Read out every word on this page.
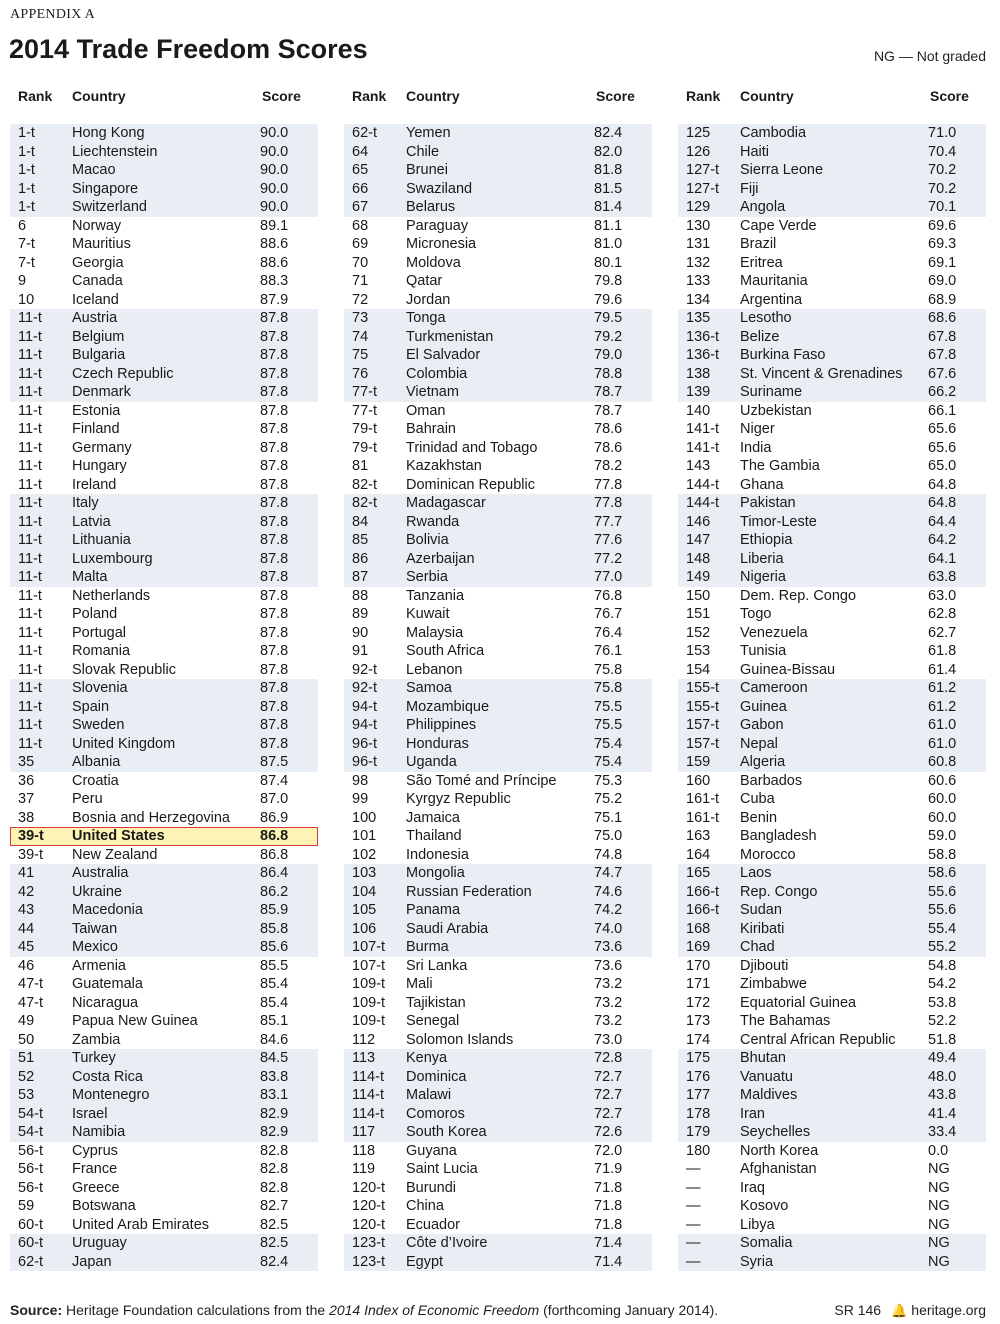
APPENDIX A
2014 Trade Freedom Scores	NG — Not graded
Rank Country	Score
1-t	Hong Kong	90.0
1-t	Liechtenstein	90.0
1-t	Macao	90.0
1-t	Singapore	90.0
1-t	Switzerland	90.0
6	Norway	89.1
7-t	Mauritius	88.6
7-t	Georgia	88.6
9	Canada	88.3
10	Iceland	87.9
11-t Austria	87.8
11-t Belgium	87.8
11-t Bulgaria	87.8
11-t Czech Republic	87.8
11-t Denmark	87.8
11-t Estonia	87.8
11-t Finland	87.8
11-t Germany	87.8
11-t Hungary	87.8
11-t Ireland	87.8
11-t Italy	87.8
11-t Latvia	87.8
11-t Lithuania	87.8
11-t Luxembourg	87.8
11-t Malta	87.8
11-t Netherlands	87.8
11-t Poland	87.8
11-t Portugal	87.8
11-t Romania	87.8
11-t Slovak Republic	87.8
11-t Slovenia	87.8
11-t Spain	87.8
11-t Sweden	87.8
11-t United Kingdom	87.8
35	Albania	87.5
36	Croatia	87.4
37	Peru	87.0
38	Bosnia and Herzegovina 86.9
39-t United States	86.8
39-t New Zealand	86.8
41	Australia	86.4
42	Ukraine	86.2
43	Macedonia	85.9
44	Taiwan	85.8
45	Mexico	85.6
46	Armenia	85.5
47-t Guatemala	85.4
47-t Nicaragua	85.4
49	Papua New Guinea	85.1
50	Zambia	84.6
51	Turkey	84.5
52	Costa Rica	83.8
53	Montenegro	83.1
54-t Israel	82.9
54-t Namibia	82.9
56-t Cyprus	82.8
56-t France	82.8
56-t Greece	82.8
59	Botswana	82.7
60-t United Arab Emirates	82.5
60-t Uruguay	82.5
62-t Japan	82.4
Rank Country	Score
62-t Yemen	82.4
64	Chile	82.0
65	Brunei	81.8
66	Swaziland	81.5
67	Belarus	81.4
68	Paraguay	81.1
69	Micronesia	81.0
70	Moldova	80.1
71	Qatar	79.8
72	Jordan	79.6
73	Tonga	79.5
74	Turkmenistan	79.2
75	El Salvador	79.0
76	Colombia	78.8
77-t Vietnam	78.7
77-t Oman	78.7
79-t Bahrain	78.6
79-t Trinidad and Tobago	78.6
81	Kazakhstan	78.2
82-t Dominican Republic	77.8
82-t Madagascar	77.8
84	Rwanda	77.7
85	Bolivia	77.6
86	Azerbaijan	77.2
87	Serbia	77.0
88	Tanzania	76.8
89	Kuwait	76.7
90	Malaysia	76.4
91	South Africa	76.1
92-t Lebanon	75.8
92-t Samoa	75.8
94-t Mozambique	75.5
94-t Philippines	75.5
96-t Honduras	75.4
96-t Uganda	75.4
98	São Tomé and Príncipe	75.3
99	Kyrgyz Republic	75.2
100 Jamaica	75.1
101 Thailand	75.0
102 Indonesia	74.8
103 Mongolia	74.7
104 Russian Federation	74.6
105 Panama	74.2
106 Saudi Arabia	74.0
107-t Burma	73.6
107-t Sri Lanka	73.6
109-t Mali	73.2
109-t Tajikistan	73.2
109-t Senegal	73.2
112 Solomon Islands	73.0
113 Kenya	72.8
114-t Dominica	72.7
114-t Malawi	72.7
114-t Comoros	72.7
117 South Korea	72.6
118 Guyana	72.0
119 Saint Lucia	71.9
120-t Burundi	71.8
120-t China	71.8
120-t Ecuador	71.8
123-t Côte d’Ivoire	71.4
123-t Egypt	71.4
Rank Country	Score
125 Cambodia	71.0
126 Haiti	70.4
127-t Sierra Leone	70.2
127-t Fiji	70.2
129 Angola	70.1
130 Cape Verde	69.6
131 Brazil	69.3
132 Eritrea	69.1
133 Mauritania	69.0
134 Argentina	68.9
135 Lesotho	68.6
136-t Belize	67.8
136-t Burkina Faso	67.8
138 St. Vincent & Grenadines 67.6
139 Suriname	66.2
140 Uzbekistan	66.1
141-t Niger	65.6
141-t India	65.6
143 The Gambia	65.0
144-t Ghana	64.8
144-t Pakistan	64.8
146 Timor-Leste	64.4
147 Ethiopia	64.2
148 Liberia	64.1
149 Nigeria	63.8
150 Dem. Rep. Congo	63.0
151 Togo	62.8
152 Venezuela	62.7
153 Tunisia	61.8
154 Guinea-Bissau	61.4
155-t Cameroon	61.2
155-t Guinea	61.2
157-t Gabon	61.0
157-t Nepal	61.0
159 Algeria	60.8
160 Barbados	60.6
161-t Cuba	60.0
161-t Benin	60.0
163 Bangladesh	59.0
164 Morocco	58.8
165 Laos	58.6
166-t Rep. Congo	55.6
166-t Sudan	55.6
168 Kiribati	55.4
169 Chad	55.2
170 Djibouti	54.8
171 Zimbabwe	54.2
172 Equatorial Guinea	53.8
173 The Bahamas	52.2
174 Central African Republic 51.8
175 Bhutan	49.4
176 Vanuatu	48.0
177 Maldives	43.8
178 Iran	41.4
179 Seychelles	33.4
180 North Korea	0.0
—	Afghanistan	NG
—	Iraq	NG
—	Kosovo	NG
—	Libya	NG
—	Somalia	NG
—	Syria	NG
Source: Heritage Foundation calculations from the 2014 Index of Economic Freedom (forthcoming January 2014).	SR 146 🔔 heritage.org
